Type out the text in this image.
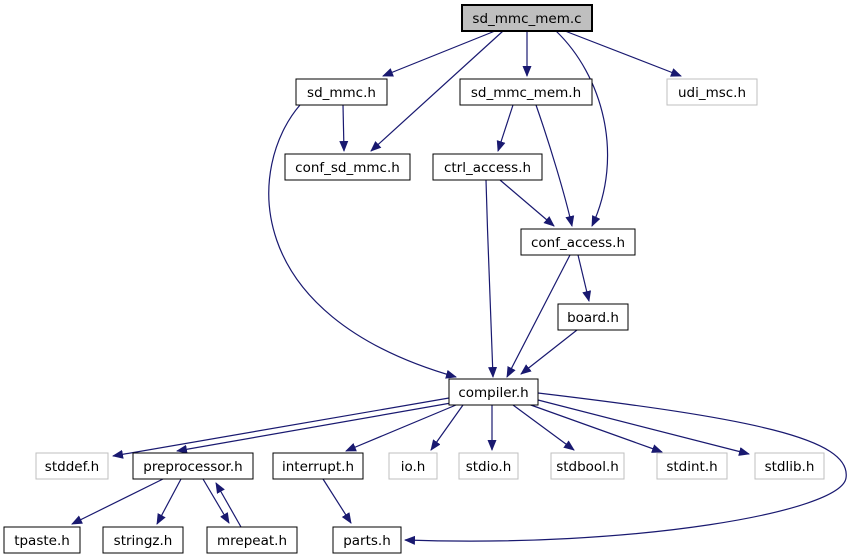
sd_mmc_mem.c
sd_mmc.h	sd_mmc_mem.h	udi_msc.h
conf_sd_mmc.h	ctrl_access.h
conf_access.h
board.h
compiler.h
stddef.h	preprocessor.h	interrupt.h	io.h	stdio.h	stdbool.h	stdint.h	stdlib.h
tpaste.h	stringz.h	mrepeat.h	parts.h
